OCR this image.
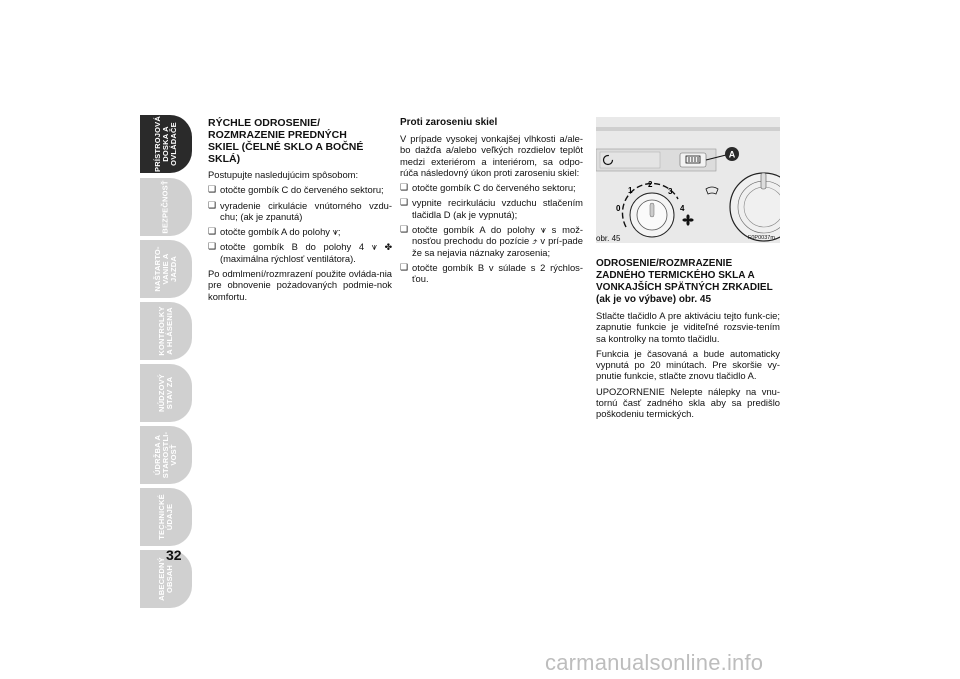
PRÍSTROJOVÁ
DOSKA A
OVLÁDAČE
BEZPEČNOSŤ
NAŠTARTO-
VANIE A
JAZDA
KONTROLKY
A HLÁSENIA
NÚDZOVÝ
STAV ZA
ÚDRŽBA A
STAROSTLI-
VOSŤ
TECHNICKÉ
ÚDAJE
ABECEDNÝ
OBSAH
32
RÝCHLE ODROSENIE/
ROZMRAZENIE PREDNÝCH
SKIEL (ČELNÉ SKLO A BOČNÉ
SKLÁ)

Postupujte nasledujúcim spôsobom:

❑ otočte gombík C do červeného sektoru;
❑ vyradenie cirkulácie vnútorného vzdu-chu; (ak je zpanutá)
❑ otočte gombík A do polohy ⩛;
❑ otočte gombík B do polohy 4 ⩛ ✤ (maximálna rýchlosť ventilátora).

Po odmlmení/rozmrazení použite ovláda-nia pre obnovenie pożadovaných podmie-nok komfortu.

Proti zaroseniu skiel

V prípade vysokej vonkajšej vlhkosti a/ale-bo dažďa a/alebo veľkých rozdielov teplôt medzi exteriérom a interiérom, sa odpo-rúča následovný úkon proti zaroseniu skiel:

❑ otočte gombík C do červeného sektoru;
❑ vypnite recirkuláciu vzduchu stlačením tlačidla D (ak je vypnutá);
❑ otočte gombík A do polohy ⩛ s mož-nosťou prechodu do pozície ⤴ v prí-pade že sa nejavia náznaky zarosenia;
❑ otočte gombík B v súlade s 2 rýchlos-ťou.
A
0
1
2
3
4
obr. 45	F0P0037m
ODROSENIE/ROZMRAZENIE ZADNÉHO TERMICKÉHO SKLA A VONKAJŠÍCH SPÄTNÝCH ZRKADIEL
(ak je vo výbave) obr. 45

Stlačte tlačidlo A pre aktiváciu tejto funk-cie; zapnutie funkcie je viditeľné rozsvie-tením sa kontrolky na tomto tlačidlu.

Funkcia je časovaná a bude automaticky vypnutá po 20 minútach. Pre skoršie vy-pnutie funkcie, stlačte znovu tlačidlo A.

UPOZORNENIE Nelepte nálepky na vnu-tornú časť zadného skla aby sa predišlo poškodeniu termických.

carmanualsonline.info
